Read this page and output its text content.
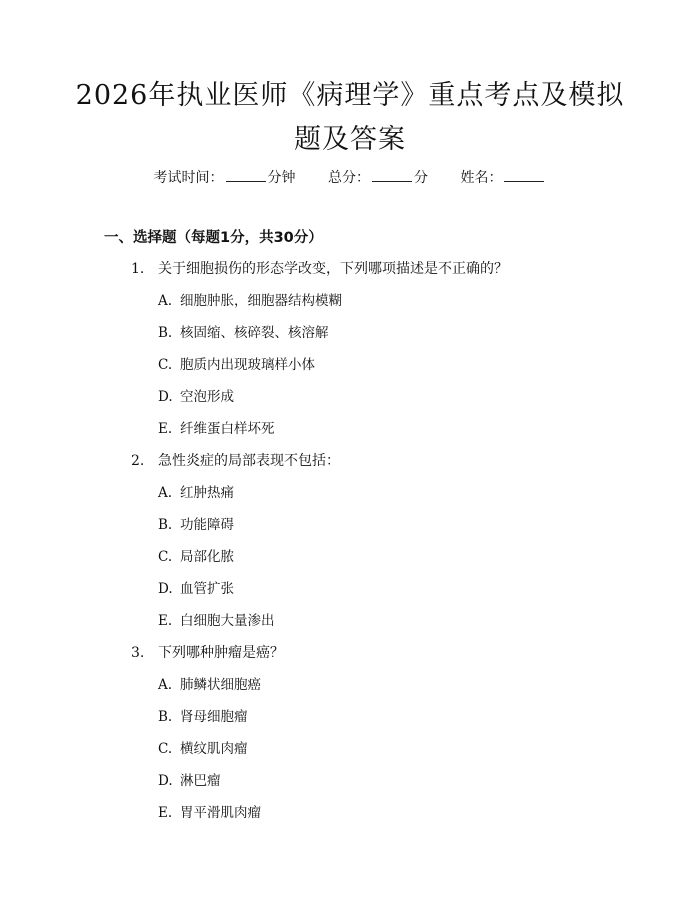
2026年执业医师《病理学》重点考点及模拟
题及答案
考试时间：	分钟 总分：	分 姓名：
一、选择题（每题1分，共30分）
1. 关于细胞损伤的形态学改变，下列哪项描述是不正确的？
A. 细胞肿胀，细胞器结构模糊
B. 核固缩、核碎裂、核溶解
C. 胞质内出现玻璃样小体
D. 空泡形成
E. 纤维蛋白样坏死
2. 急性炎症的局部表现不包括：
A. 红肿热痛
B. 功能障碍
C. 局部化脓
D. 血管扩张
E. 白细胞大量渗出
3. 下列哪种肿瘤是癌？
A. 肺鳞状细胞癌
B. 肾母细胞瘤
C. 横纹肌肉瘤
D. 淋巴瘤
E. 胃平滑肌肉瘤
